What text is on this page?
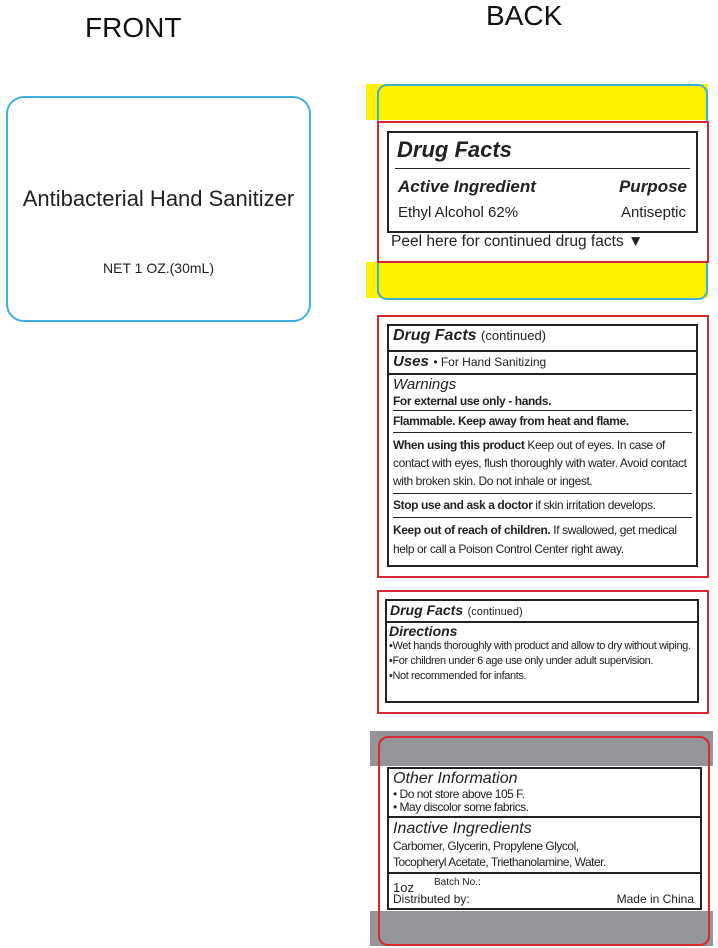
FRONT	BACK
Antibacterial Hand Sanitizer
NET 1 OZ.(30mL)
Drug Facts
Active Ingredient	Purpose
Ethyl Alcohol 62%	Antiseptic
Peel here for continued drug facts ▼
Drug Facts (continued)
Uses • For Hand Sanitizing
Warnings
For external use only - hands.
Flammable. Keep away from heat and flame.
When using this product Keep out of eyes. In case of contact with eyes, flush thoroughly with water. Avoid contact with broken skin. Do not inhale or ingest.
Stop use and ask a doctor if skin irritation develops.
Keep out of reach of children. If swallowed, get medical help or call a Poison Control Center right away.
Drug Facts (continued)
Directions
•Wet hands thoroughly with product and allow to dry without wiping.
•For children under 6 age use only under adult supervision.
•Not recommended for infants.
Other Information
• Do not store above 105 F.
• May discolor some fabrics.
Inactive Ingredients
Carbomer, Glycerin, Propylene Glycol, Tocopheryl Acetate, Triethanolamine, Water.
1oz Batch No.:
Distributed by:	Made in China
